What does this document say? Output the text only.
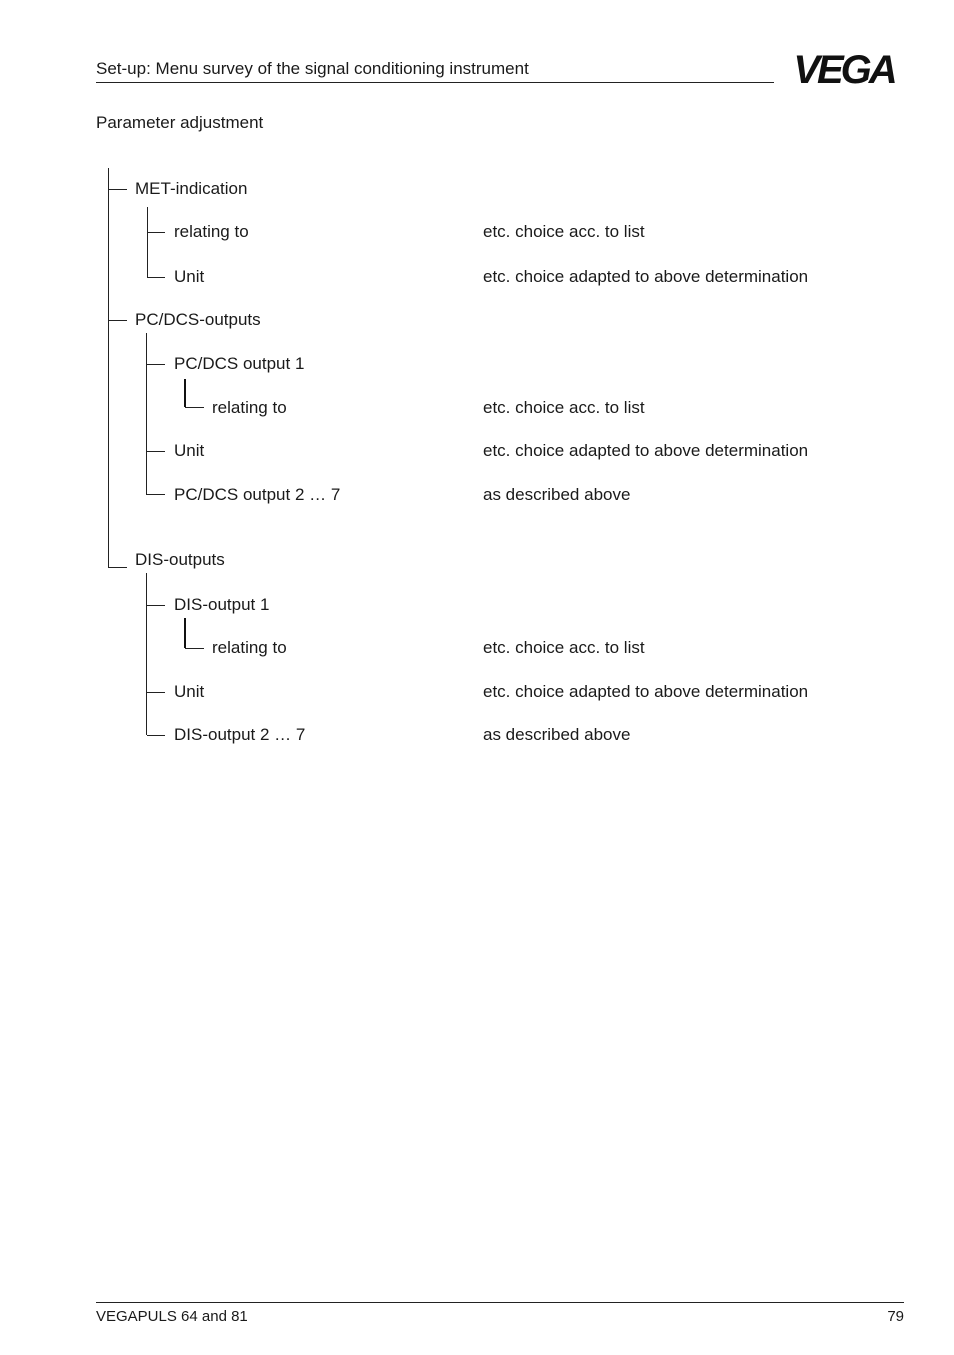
Set-up: Menu survey of the signal conditioning instrument	VEGA
Parameter adjustment
MET-indication
relating to	etc. choice acc. to list
Unit	etc. choice adapted to above determination
PC/DCS-outputs
PC/DCS output 1
relating to	etc. choice acc. to list
Unit	etc. choice adapted to above determination
PC/DCS output 2 … 7	as described above
DIS-outputs
DIS-output 1
relating to	etc. choice acc. to list
Unit	etc. choice adapted to above determination
DIS-output 2 … 7	as described above
VEGAPULS 64 and 81	79
